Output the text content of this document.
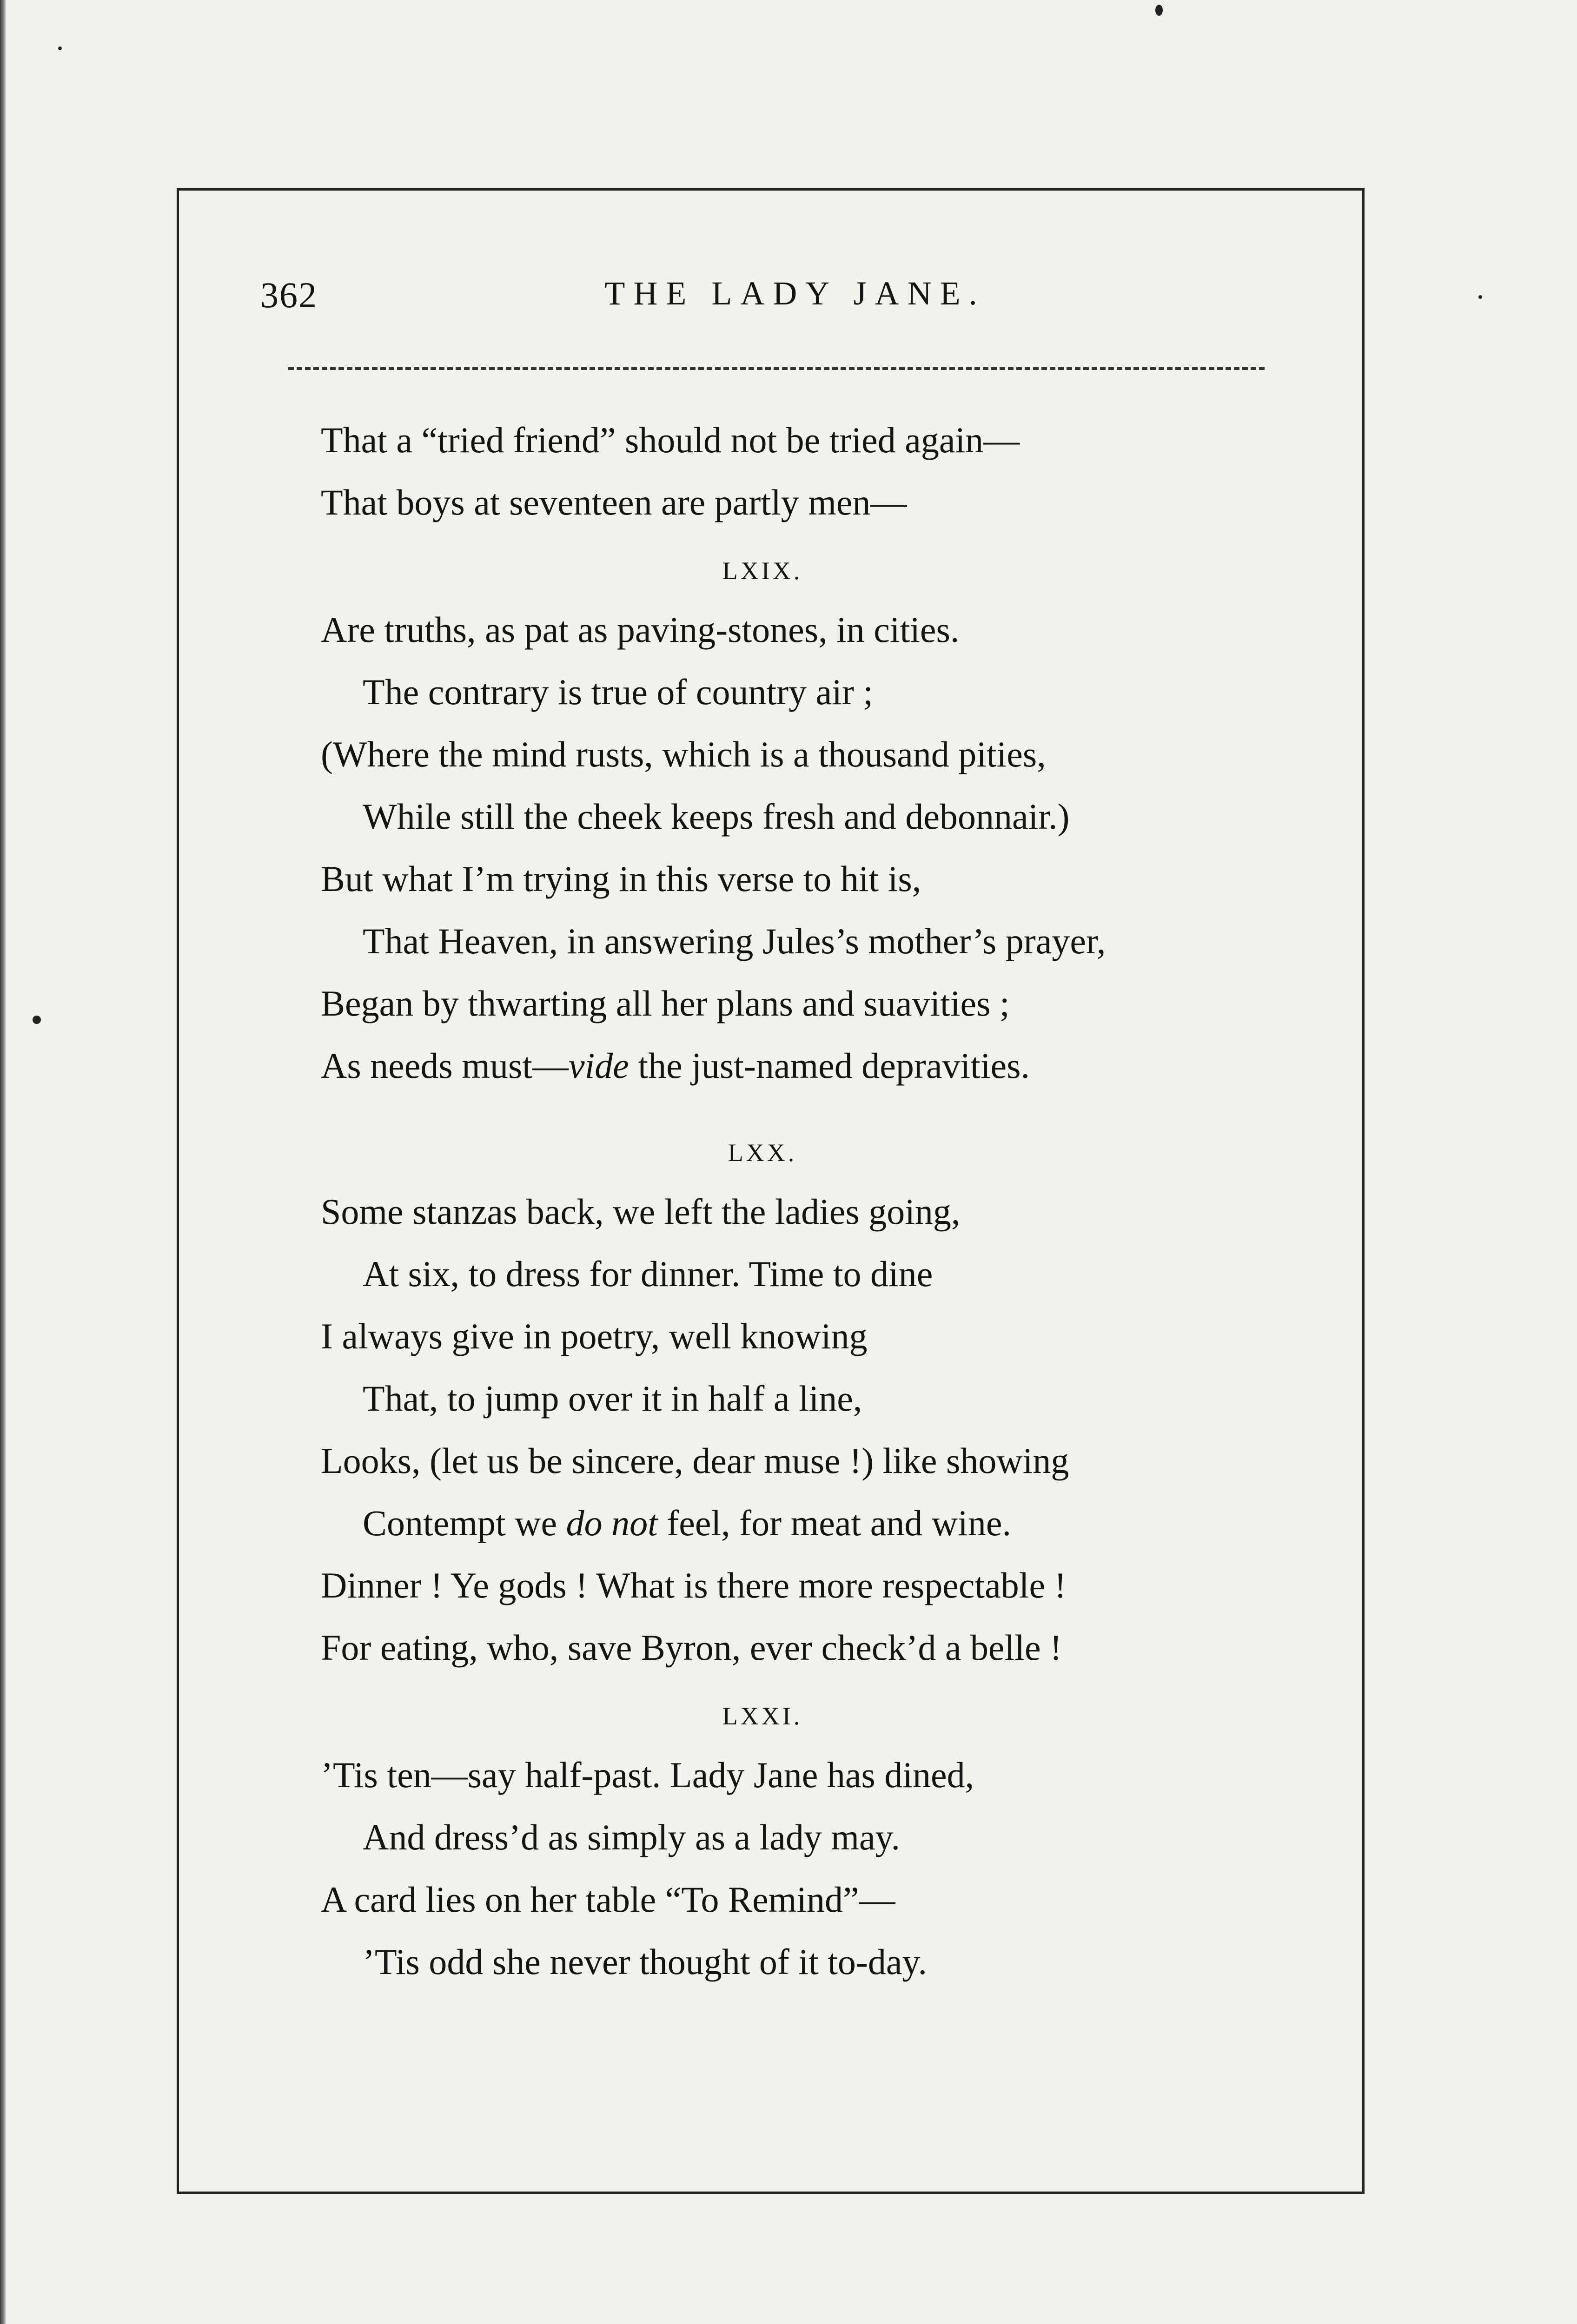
362	THE LADY JANE.
That a “tried friend” should not be tried again—
That boys at seventeen are partly men—
LXIX.
Are truths, as pat as paving-stones, in cities.
The contrary is true of country air ;
(Where the mind rusts, which is a thousand pities,
While still the cheek keeps fresh and debonnair.)
But what I’m trying in this verse to hit is,
That Heaven, in answering Jules’s mother’s prayer,
Began by thwarting all her plans and suavities ;
As needs must—vide the just-named depravities.
LXX.
Some stanzas back, we left the ladies going,
At six, to dress for dinner. Time to dine
I always give in poetry, well knowing
That, to jump over it in half a line,
Looks, (let us be sincere, dear muse !) like showing
Contempt we do not feel, for meat and wine.
Dinner ! Ye gods ! What is there more respectable !
For eating, who, save Byron, ever check’d a belle !
LXXI.
’Tis ten—say half-past. Lady Jane has dined,
And dress’d as simply as a lady may.
A card lies on her table “To Remind”—
’Tis odd she never thought of it to-day.
